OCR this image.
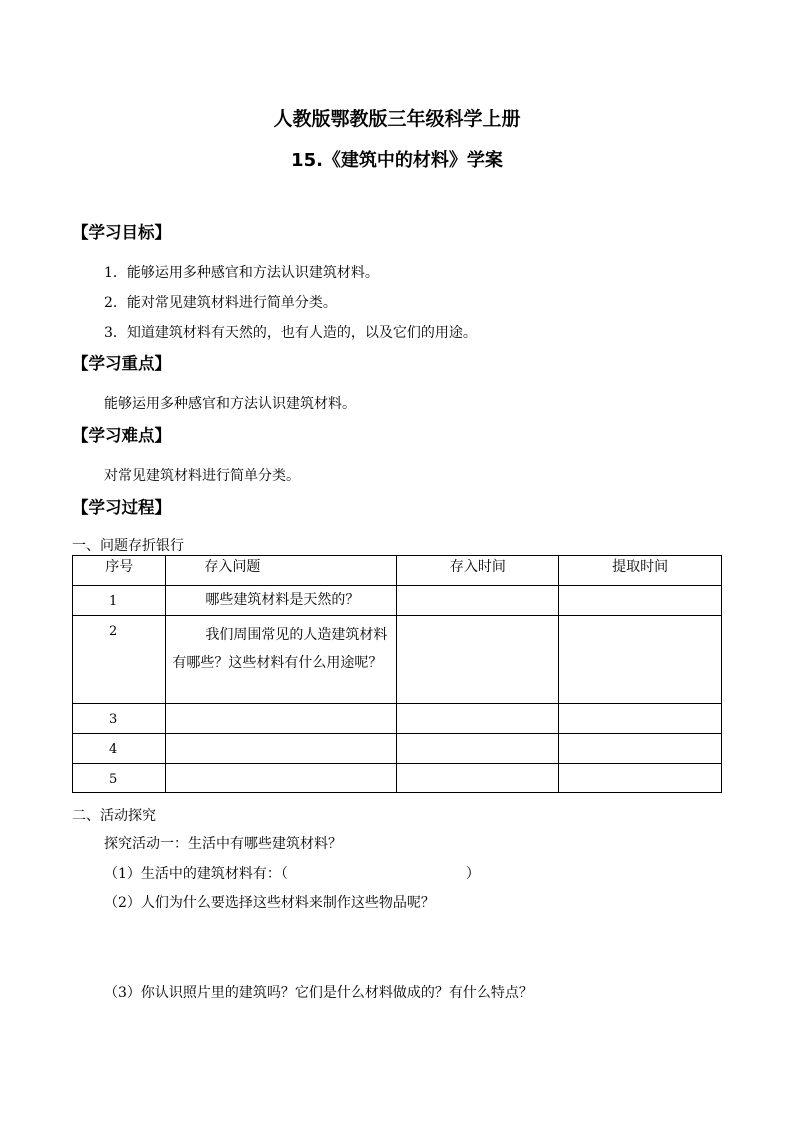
人教版鄂教版三年级科学上册
15.《建筑中的材料》学案
【学习目标】
1．能够运用多种感官和方法认识建筑材料。
2．能对常见建筑材料进行简单分类。
3．知道建筑材料有天然的，也有人造的，以及它们的用途。
【学习重点】
能够运用多种感官和方法认识建筑材料。
【学习难点】
对常见建筑材料进行简单分类。
【学习过程】
一、问题存折银行
序号	存入问题	存入时间	提取时间
1	哪些建筑材料是天然的？		
2	我们周围常见的人造建筑材料有哪些？这些材料有什么用途呢？		
3			
4			
5			
二、活动探究
探究活动一：生活中有哪些建筑材料？
（1）生活中的建筑材料有：（	）
（2）人们为什么要选择这些材料来制作这些物品呢？
（3）你认识照片里的建筑吗？它们是什么材料做成的？有什么特点？
